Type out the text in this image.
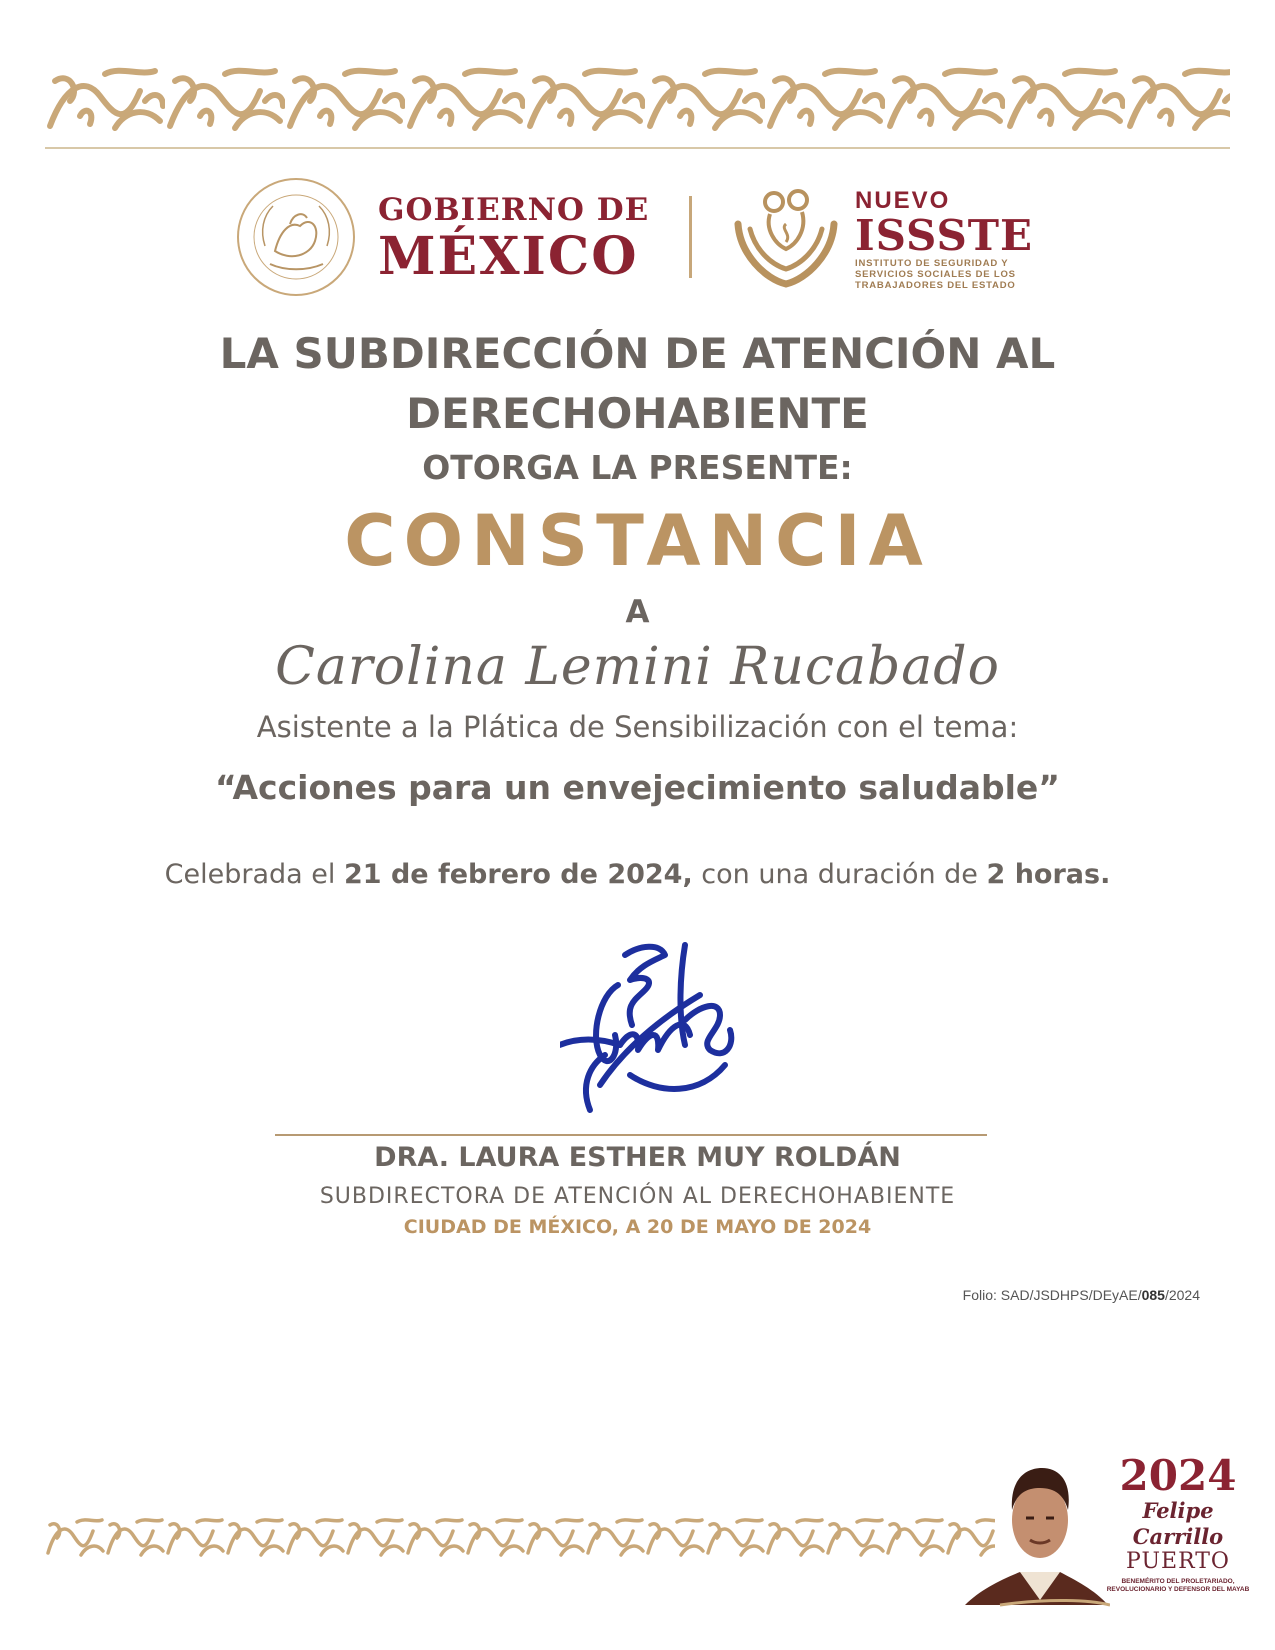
GOBIERNO DE
MÉXICO
NUEVO
ISSSTE
INSTITUTO DE SEGURIDAD Y SERVICIOS SOCIALES DE LOS TRABAJADORES DEL ESTADO
LA SUBDIRECCIÓN DE ATENCIÓN AL DERECHOHABIENTE
OTORGA LA PRESENTE:
CONSTANCIA
A
Carolina Lemini Rucabado
Asistente a la Plática de Sensibilización con el tema:
“Acciones para un envejecimiento saludable”
Celebrada el 21 de febrero de 2024, con una duración de 2 horas.
DRA. LAURA ESTHER MUY ROLDÁN
SUBDIRECTORA DE ATENCIÓN AL DERECHOHABIENTE
CIUDAD DE MÉXICO, A 20 DE MAYO DE 2024
Folio: SAD/JSDHPS/DEyAE/085/2024
2024
Felipe Carrillo
PUERTO
BENEMÉRITO DEL PROLETARIADO, REVOLUCIONARIO Y DEFENSOR DEL MAYAB
